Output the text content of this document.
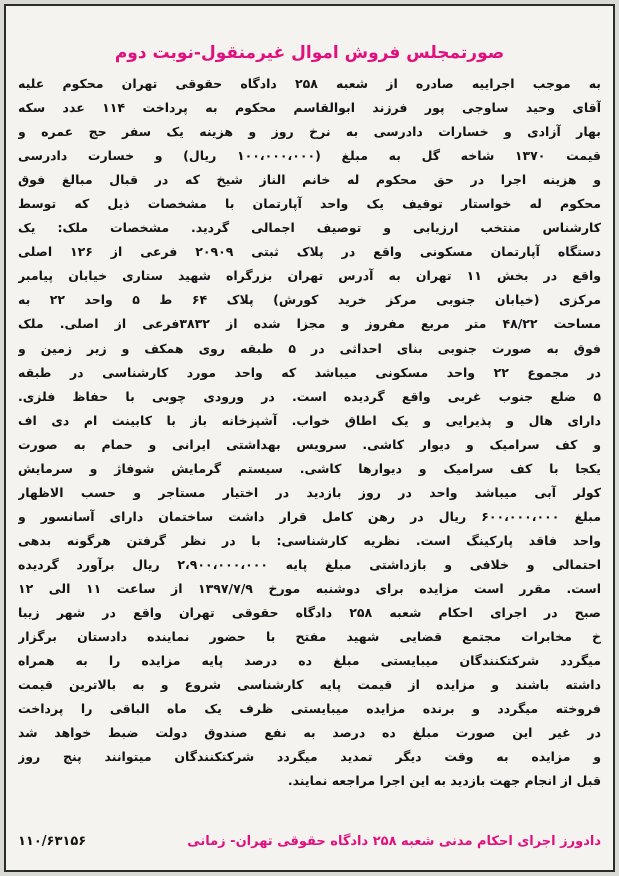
صورتمجلس فروش اموال غیرمنقول-نوبت دوم
به موجب اجراییه صادره از شعبه ۲۵۸ دادگاه حقوقی تهران محکوم علیه
آقای وحید ساوجی پور فرزند ابوالقاسم محکوم به پرداخت ۱۱۴ عدد سکه
بهار آزادی و خسارات دادرسی به نرخ روز و هزینه یک سفر حج عمره و
قیمت ۱۳۷۰ شاخه گل به مبلغ (۱۰۰،۰۰۰،۰۰۰ ریال) و خسارت دادرسی
و هزینه اجرا در حق محکوم له خانم الناز شیخ که در قبال مبالغ فوق
محکوم له خواستار توقیف یک واحد آپارتمان با مشخصات ذیل که توسط
کارشناس منتخب ارزیابی و توصیف اجمالی گردید. مشخصات ملک: یک
دستگاه آپارتمان مسکونی واقع در پلاک ثبتی ۲۰۹۰۹ فرعی از ۱۲۶ اصلی
واقع در بخش ۱۱ تهران به آدرس تهران بزرگراه شهید ستاری خیابان پیامبر
مرکزی (خیابان جنوبی مرکز خرید کورش) پلاک ۶۴ ط ۵ واحد ۲۲ به
مساحت ۴۸/۲۲ متر مربع مفروز و مجزا شده از ۳۸۳۲فرعی از اصلی. ملک
فوق به صورت جنوبی بنای احداثی در ۵ طبقه روی همکف و زیر زمین و
در مجموع ۲۲ واحد مسکونی میباشد که واحد مورد کارشناسی در طبقه
۵ ضلع جنوب غربی واقع گردیده است. در ورودی چوبی با حفاظ فلزی.
دارای هال و پذیرایی و یک اطاق خواب. آشپزخانه باز با کابینت ام دی اف
و کف سرامیک و دیوار کاشی. سرویس بهداشتی ایرانی و حمام به صورت
یکجا با کف سرامیک و دیوارها کاشی. سیستم گرمایش شوفاژ و سرمایش
کولر آبی میباشد واحد در روز بازدید در اختیار مستاجر و حسب الاظهار
مبلغ ۶۰۰،۰۰۰،۰۰۰ ریال در رهن کامل قرار داشت ساختمان دارای آسانسور و
واحد فاقد پارکینگ است. نظریه کارشناسی: با در نظر گرفتن هرگونه بدهی
احتمالی و خلافی و بازداشتی مبلغ پایه ۲،۹۰۰،۰۰۰،۰۰۰ ریال برآورد گردیده
است. مقرر است مزایده برای دوشنبه مورخ ۱۳۹۷/۷/۹ از ساعت ۱۱ الی ۱۲
صبح در اجرای احکام شعبه ۲۵۸ دادگاه حقوقی تهران واقع در شهر زیبا
خ مخابرات مجتمع قضایی شهید مفتح با حضور نماینده دادستان برگزار
میگردد شرکتکنندگان میبایستی مبلغ ده درصد پایه مزایده را به همراه
داشته باشند و مزایده از قیمت پایه کارشناسی شروع و به بالاترین قیمت
فروخته میگردد و برنده مزایده میبایستی ظرف یک ماه الباقی را پرداخت
در غیر این صورت مبلغ ده درصد به نفع صندوق دولت ضبط خواهد شد
و مزایده به وقت دیگر تمدید میگردد شرکتکنندگان میتوانند پنج روز
قبل از انجام جهت بازدید به این اجرا مراجعه نمایند.
دادورز اجرای احکام مدنی شعبه ۲۵۸ دادگاه حقوقی تهران- زمانی
۱۱۰/۶۳۱۵۶
